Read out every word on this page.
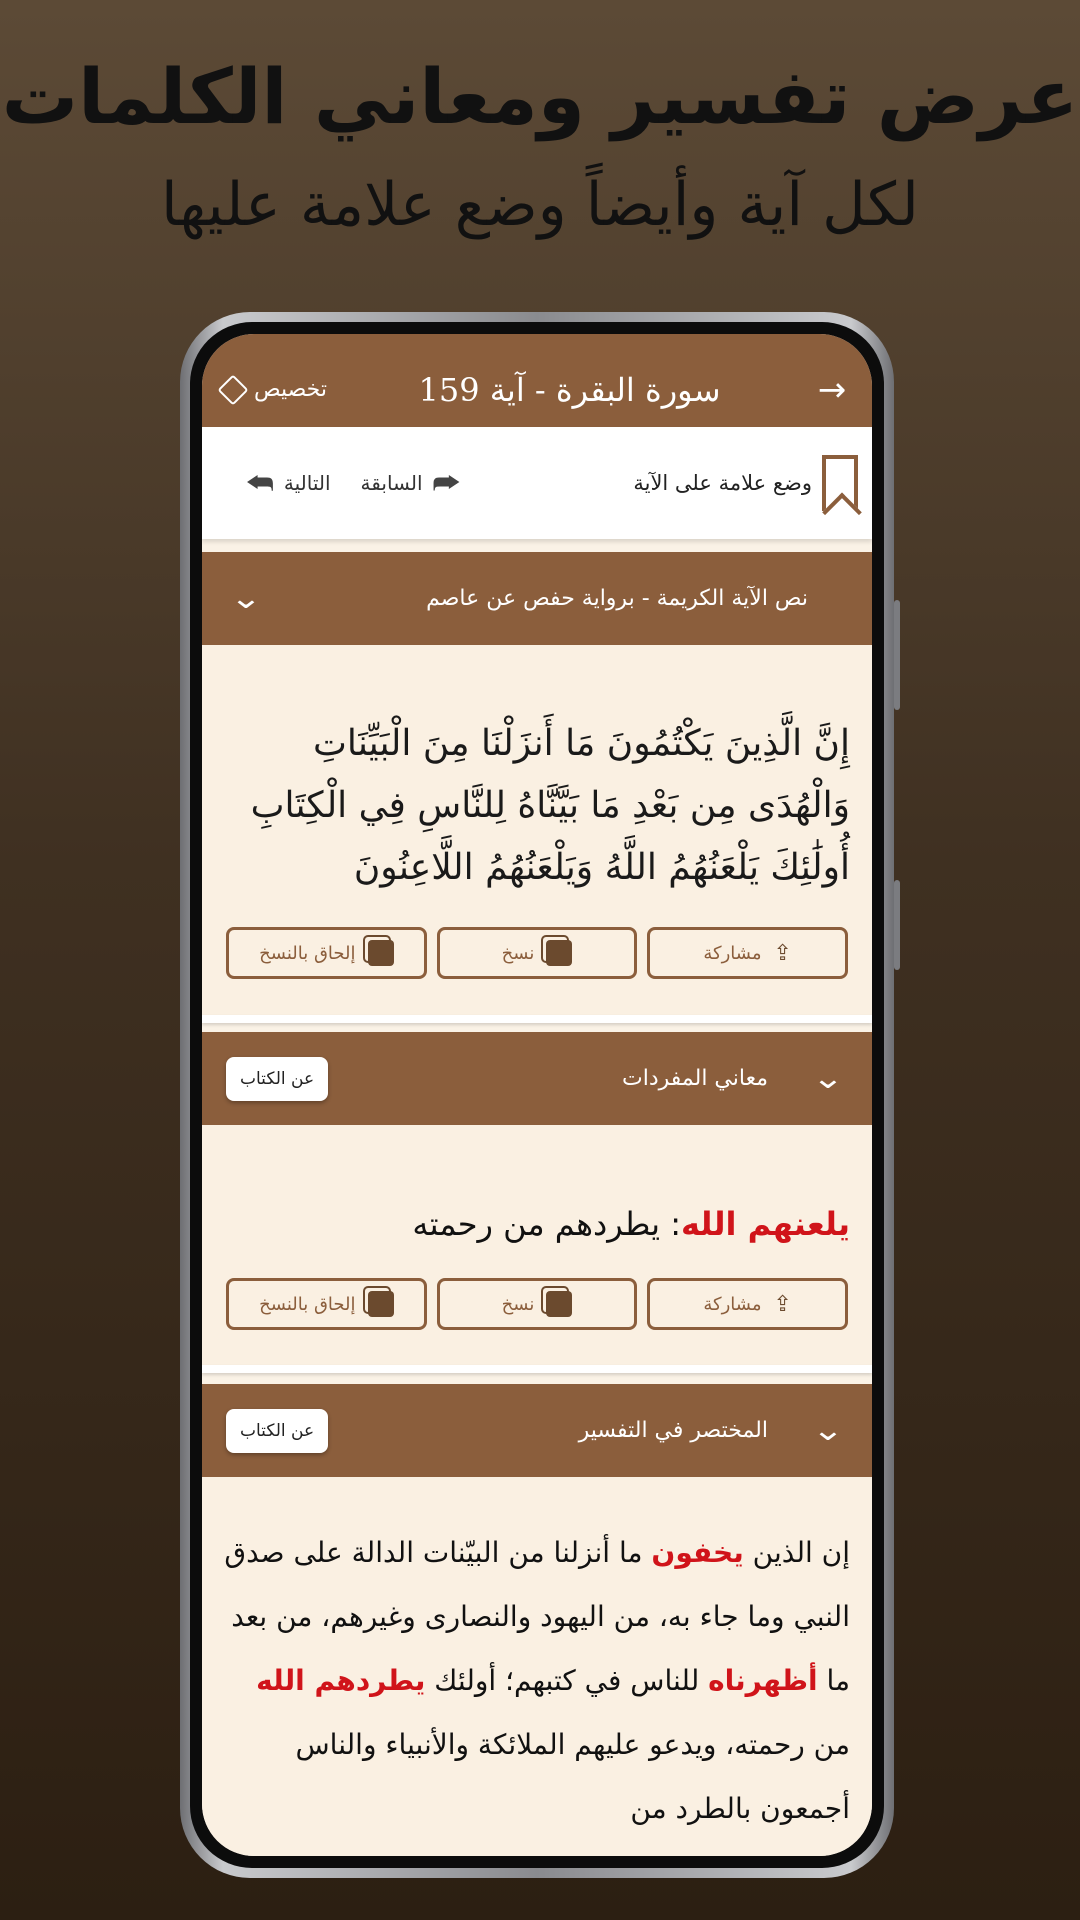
عرض تفسير ومعاني الكلمات
لكل آية وأيضاً وضع علامة عليها
→
سورة البقرة - آية 159
تخصيص
وضع علامة على الآية
⮫
السابقة
التالية
⮪
نص الآية الكريمة - برواية حفص عن عاصم
⌄
إِنَّ الَّذِينَ يَكْتُمُونَ مَا أَنزَلْنَا مِنَ الْبَيِّنَاتِ وَالْهُدَى مِن بَعْدِ مَا بَيَّنَّاهُ لِلنَّاسِ فِي الْكِتَابِ أُولَٰئِكَ يَلْعَنُهُمُ اللَّهُ وَيَلْعَنُهُمُ اللَّاعِنُونَ
⇪
مشاركة
نسخ
إلحاق بالنسخ
معاني المفردات
عن الكتاب	⌄
يلعنهم الله: يطردهم من رحمته
⇪
مشاركة
نسخ
إلحاق بالنسخ
المختصر في التفسير
عن الكتاب	⌄
إن الذين يخفون ما أنزلنا من البيّنات الدالة على صدق النبي وما جاء به، من اليهود والنصارى وغيرهم، من بعد ما أظهرناه للناس في كتبهم؛ أولئك يطردهم الله من رحمته، ويدعو عليهم الملائكة والأنبياء والناس أجمعون بالطرد من
